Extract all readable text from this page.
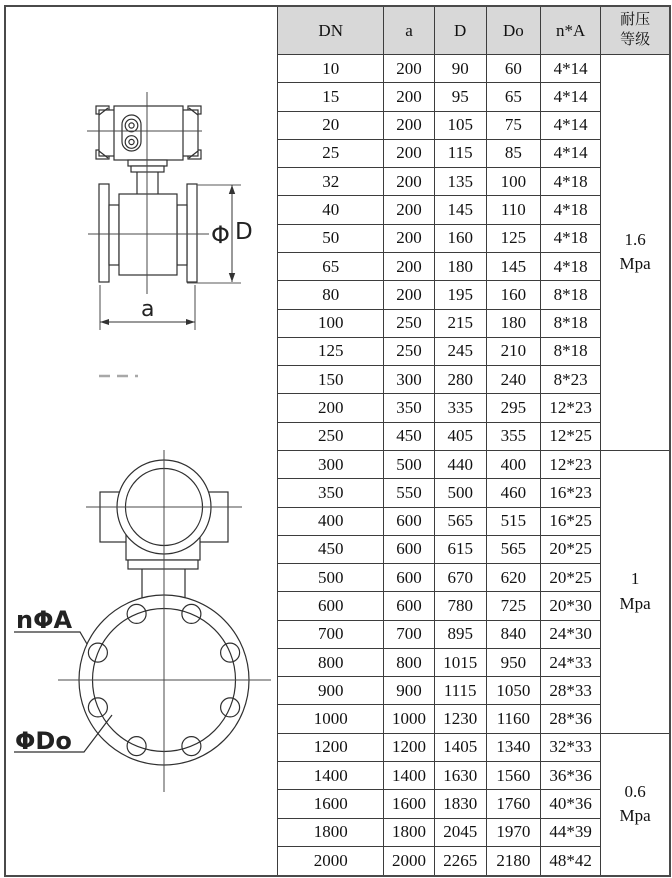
Φ D
a
nΦA
ΦDo
DN	a	D	Do	n*A	耐压
等级

10	200	90	60	4*14	1.6
Mpa

15	200	95	65	4*14	
20	200	105	75	4*14	
25	200	115	85	4*14	
32	200	135	100	4*18	
40	200	145	110	4*18	
50	200	160	125	4*18	
65	200	180	145	4*18	
80	200	195	160	8*18	
100	250	215	180	8*18	
125	250	245	210	8*18	
150	300	280	240	8*23	
200	350	335	295	12*23	
250	450	405	355	12*25	
300	500	440	400	12*23	1
Mpa

350	550	500	460	16*23	
400	600	565	515	16*25	
450	600	615	565	20*25	
500	600	670	620	20*25	
600	600	780	725	20*30	
700	700	895	840	24*30	
800	800	1015	950	24*33	
900	900	1115	1050	28*33	
1000	1000	1230	1160	28*36	
1200	1200	1405	1340	32*33	0.6
Mpa

1400	1400	1630	1560	36*36	
1600	1600	1830	1760	40*36	
1800	1800	2045	1970	44*39	
2000	2000	2265	2180	48*42	
